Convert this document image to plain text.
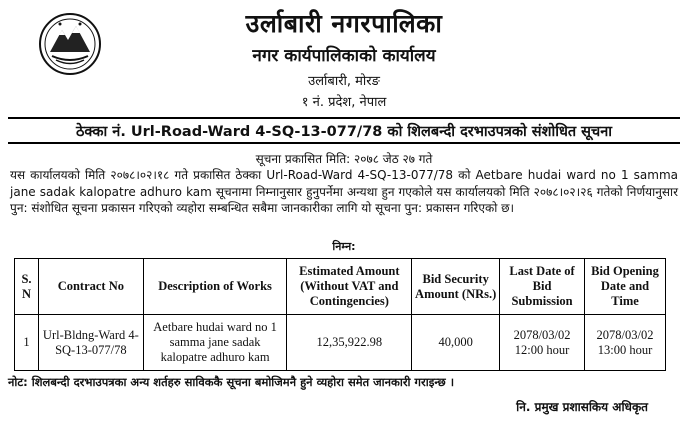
उर्लाबारी नगरपालिका
नगर कार्यपालिकाको कार्यालय
उर्लाबारी, मोरङ
१ नं. प्रदेश, नेपाल
ठेक्का नं. Url-Road-Ward 4-SQ-13-077/78 को शिलबन्दी दरभाउपत्रको संशोधित सूचना
सूचना प्रकासित मिति: २०७८ जेठ २७ गते

यस कार्यालयको मिति २०७८।०२।१८ गते प्रकासित ठेक्का Url-Road-Ward 4-SQ-13-077/78 को Aetbare hudai ward no 1 samma jane sadak kalopatre adhuro kam सूचनामा निम्नानुसार हुनुपर्नेमा अन्यथा हुन गएकोले यस कार्यालयको मिति २०७८।०२।२६ गतेको निर्णयानुसार पुन: संशोधित सूचना प्रकासन गरिएको व्यहोरा सम्बन्धित सबैमा जानकारीका लागि यो सूचना पुन: प्रकासन गरिएको छ।

निम्न:
S. N	Contract No	Description of Works	Estimated Amount (Without VAT and Contingencies)	Bid Security Amount (NRs.)	Last Date of Bid Submission	Bid Opening Date and Time
1	Url-Bldng-Ward 4-SQ-13-077/78	Aetbare hudai ward no 1 samma jane sadak kalopatre adhuro kam	12,35,922.98	40,000	2078/03/02 12:00 hour	2078/03/02 13:00 hour
नोट: शिलबन्दी दरभाउपत्रका अन्य शर्तहरु साविककै सूचना बमोजिमनै हुने व्यहोरा समेत जानकारी गराइन्छ ।
नि. प्रमुख प्रशासकिय अधिकृत
